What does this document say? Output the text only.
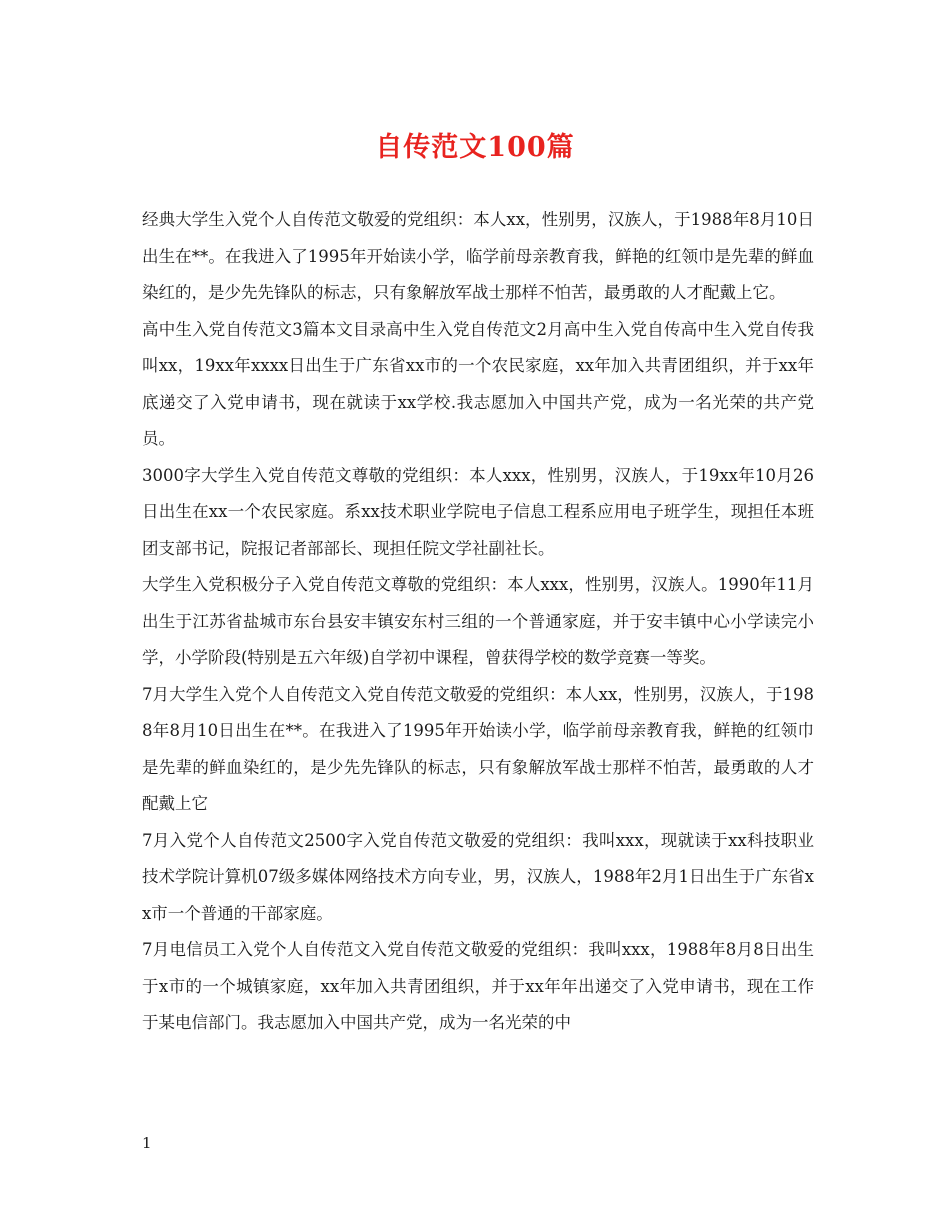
自传范文100篇

经典大学生入党个人自传范文敬爱的党组织：本人xx，性别男，汉族人，于1988年8月10日出生在**。在我进入了1995年开始读小学，临学前母亲教育我，鲜艳的红领巾是先辈的鲜血染红的，是少先先锋队的标志，只有象解放军战士那样不怕苦，最勇敢的人才配戴上它。

高中生入党自传范文3篇本文目录高中生入党自传范文2月高中生入党自传高中生入党自传我叫xx，19xx年xxxx日出生于广东省xx市的一个农民家庭，xx年加入共青团组织，并于xx年底递交了入党申请书，现在就读于xx学校.我志愿加入中国共产党，成为一名光荣的共产党员。

3000字大学生入党自传范文尊敬的党组织：本人xxx，性别男，汉族人，于19xx年10月26日出生在xx一个农民家庭。系xx技术职业学院电子信息工程系应用电子班学生，现担任本班团支部书记，院报记者部部长、现担任院文学社副社长。

大学生入党积极分子入党自传范文尊敬的党组织：本人xxx，性别男，汉族人。1990年11月出生于江苏省盐城市东台县安丰镇安东村三组的一个普通家庭，并于安丰镇中心小学读完小学，小学阶段(特别是五六年级)自学初中课程，曾获得学校的数学竞赛一等奖。

7月大学生入党个人自传范文入党自传范文敬爱的党组织：本人xx，性别男，汉族人，于1988年8月10日出生在**。在我进入了1995年开始读小学，临学前母亲教育我，鲜艳的红领巾是先辈的鲜血染红的，是少先先锋队的标志，只有象解放军战士那样不怕苦，最勇敢的人才配戴上它

7月入党个人自传范文2500字入党自传范文敬爱的党组织：我叫xxx，现就读于xx科技职业技术学院计算机07级多媒体网络技术方向专业，男，汉族人，1988年2月1日出生于广东省xx市一个普通的干部家庭。

7月电信员工入党个人自传范文入党自传范文敬爱的党组织：我叫xxx，1988年8月8日出生于x市的一个城镇家庭，xx年加入共青团组织，并于xx年年出递交了入党申请书，现在工作于某电信部门。我志愿加入中国共产党，成为一名光荣的中

1
